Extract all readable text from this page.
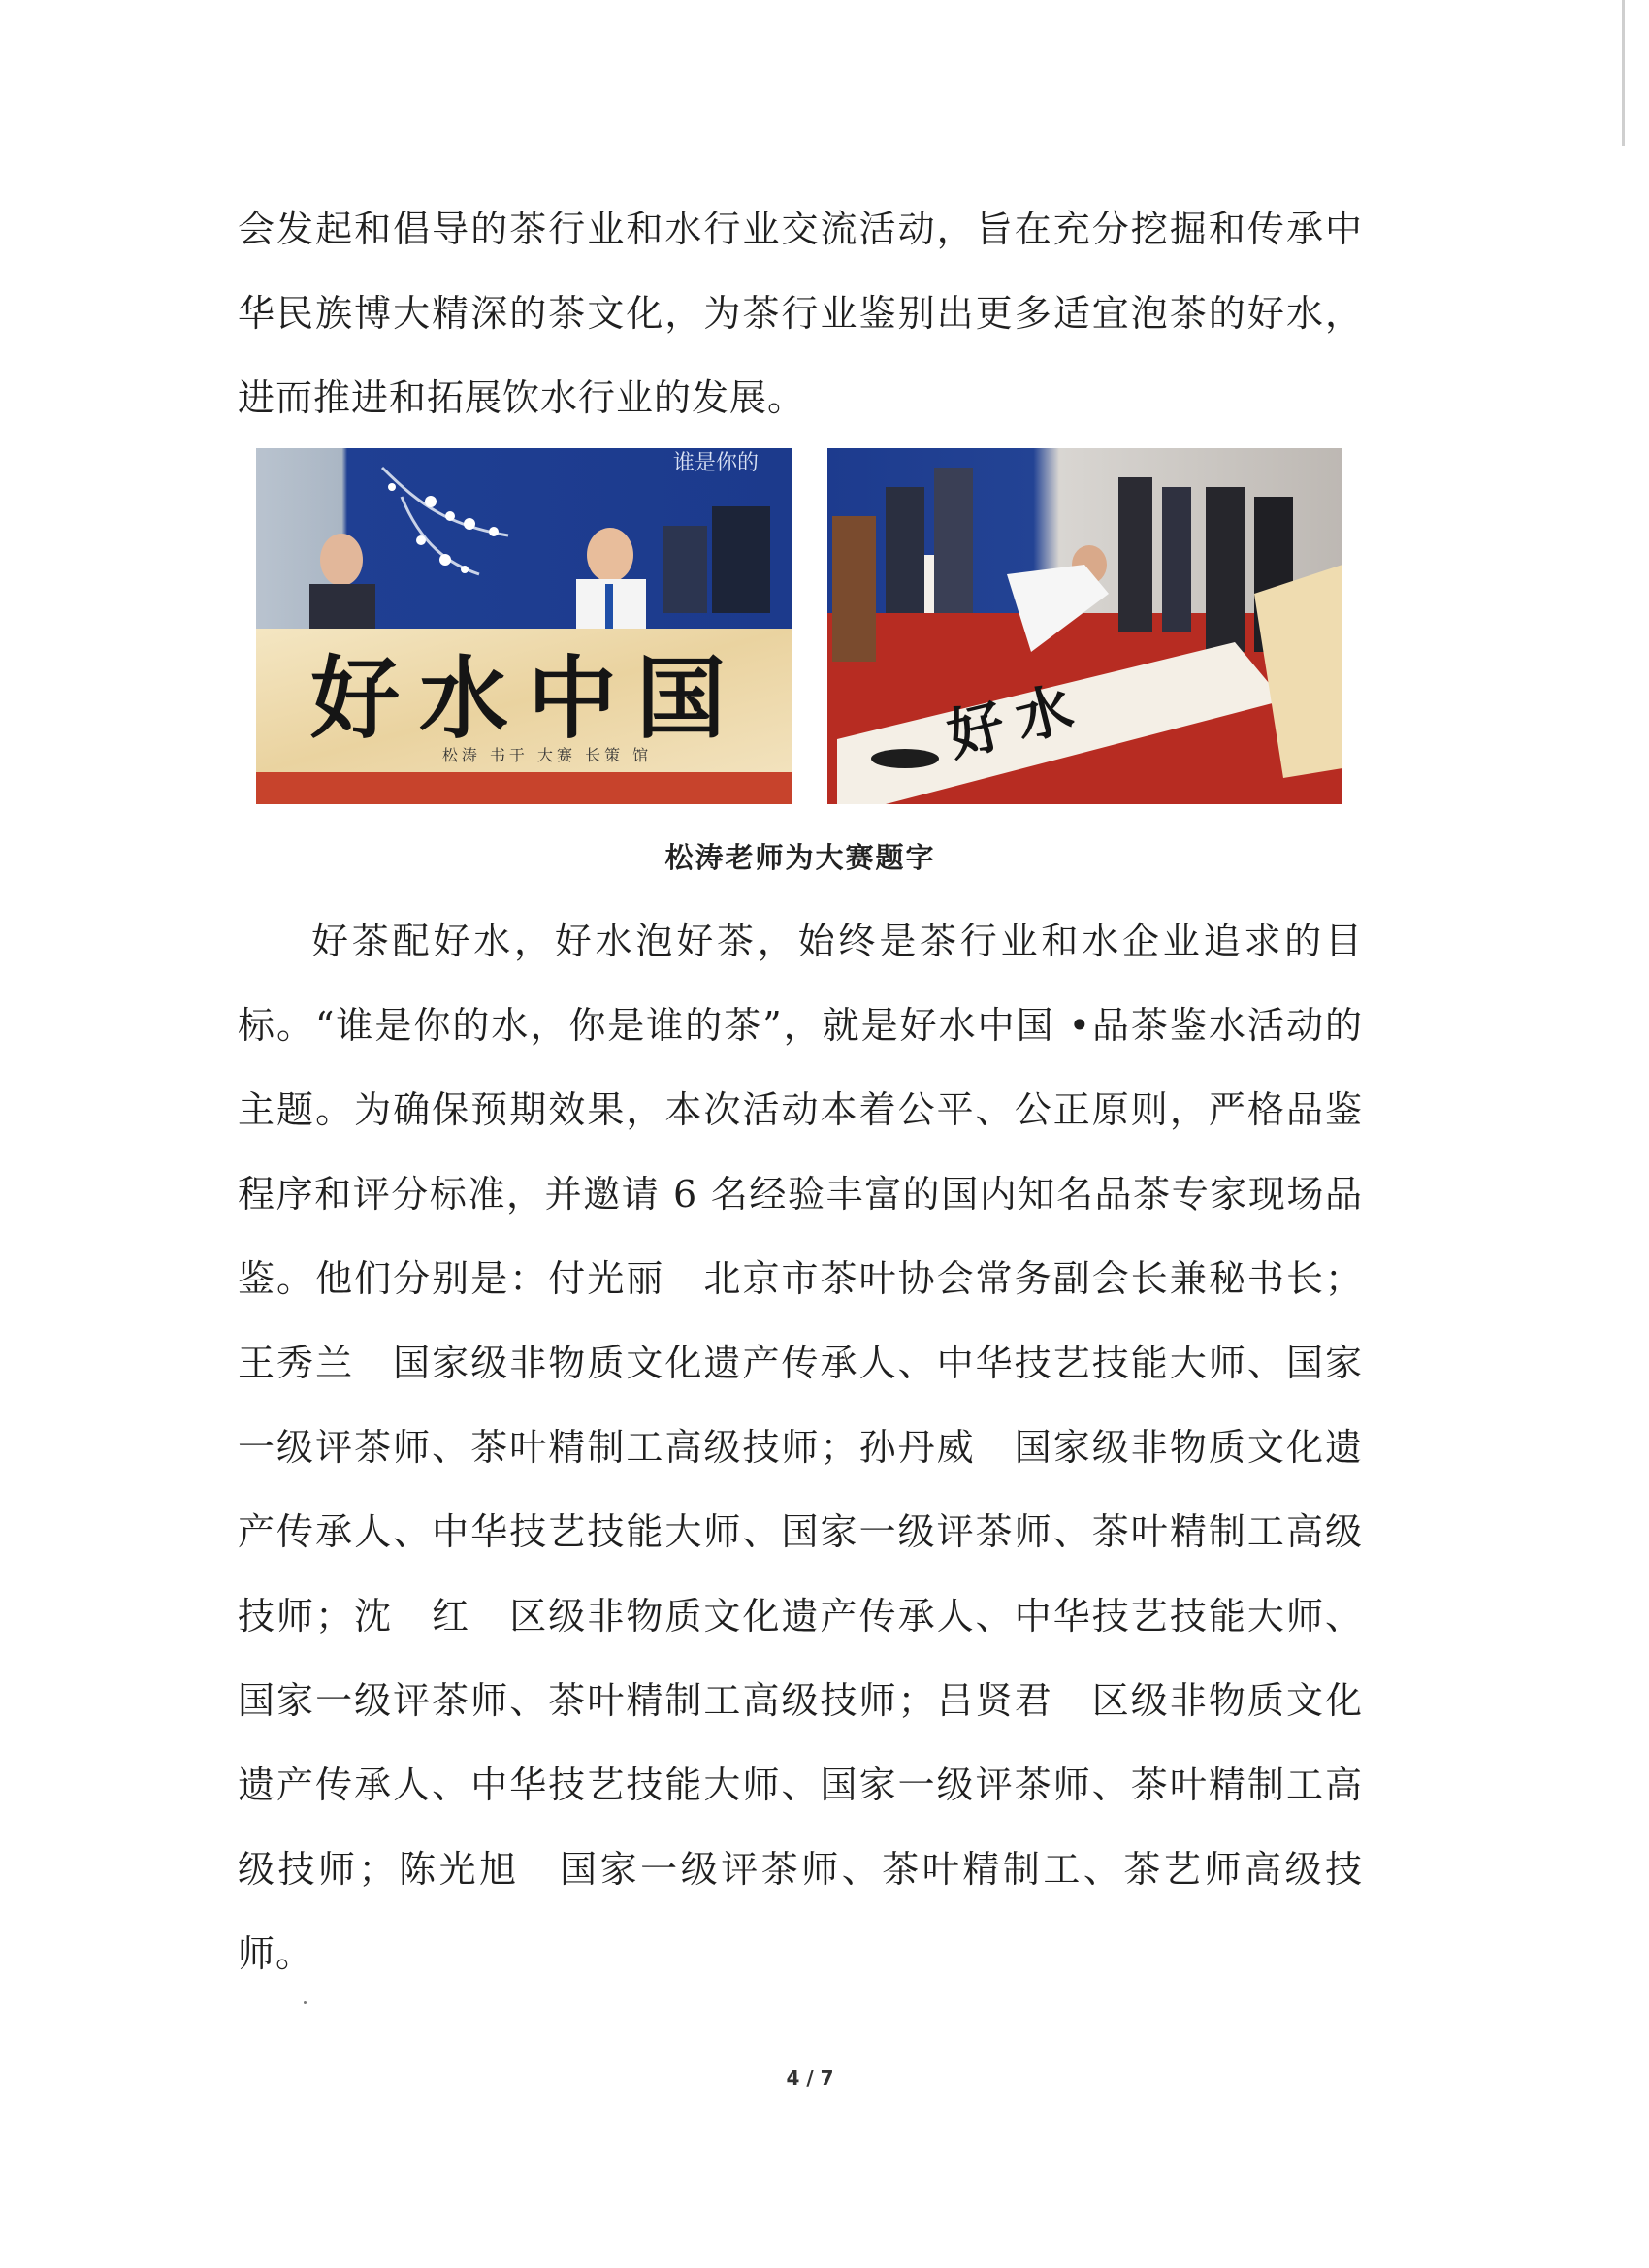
会发起和倡导的茶行业和水行业交流活动，旨在充分挖掘和传承中华民族博大精深的茶文化，为茶行业鉴别出更多适宜泡茶的好水，进而推进和拓展饮水行业的发展。

谁是你的
好水中国
松涛 书于 大赛 长策 馆	好水
松涛老师为大赛题字

好茶配好水，好水泡好茶，始终是茶行业和水企业追求的目标。“谁是你的水，你是谁的茶”，就是好水中国 •品茶鉴水活动的主题。为确保预期效果，本次活动本着公平、公正原则，严格品鉴程序和评分标准，并邀请 6 名经验丰富的国内知名品茶专家现场品鉴。他们分别是：付光丽　北京市茶叶协会常务副会长兼秘书长；王秀兰　国家级非物质文化遗产传承人、中华技艺技能大师、国家一级评茶师、茶叶精制工高级技师；孙丹威　国家级非物质文化遗产传承人、中华技艺技能大师、国家一级评茶师、茶叶精制工高级技师；沈　红　区级非物质文化遗产传承人、中华技艺技能大师、国家一级评茶师、茶叶精制工高级技师；吕贤君　区级非物质文化遗产传承人、中华技艺技能大师、国家一级评茶师、茶叶精制工高级技师；陈光旭　国家一级评茶师、茶叶精制工、茶艺师高级技师。

4 / 7
